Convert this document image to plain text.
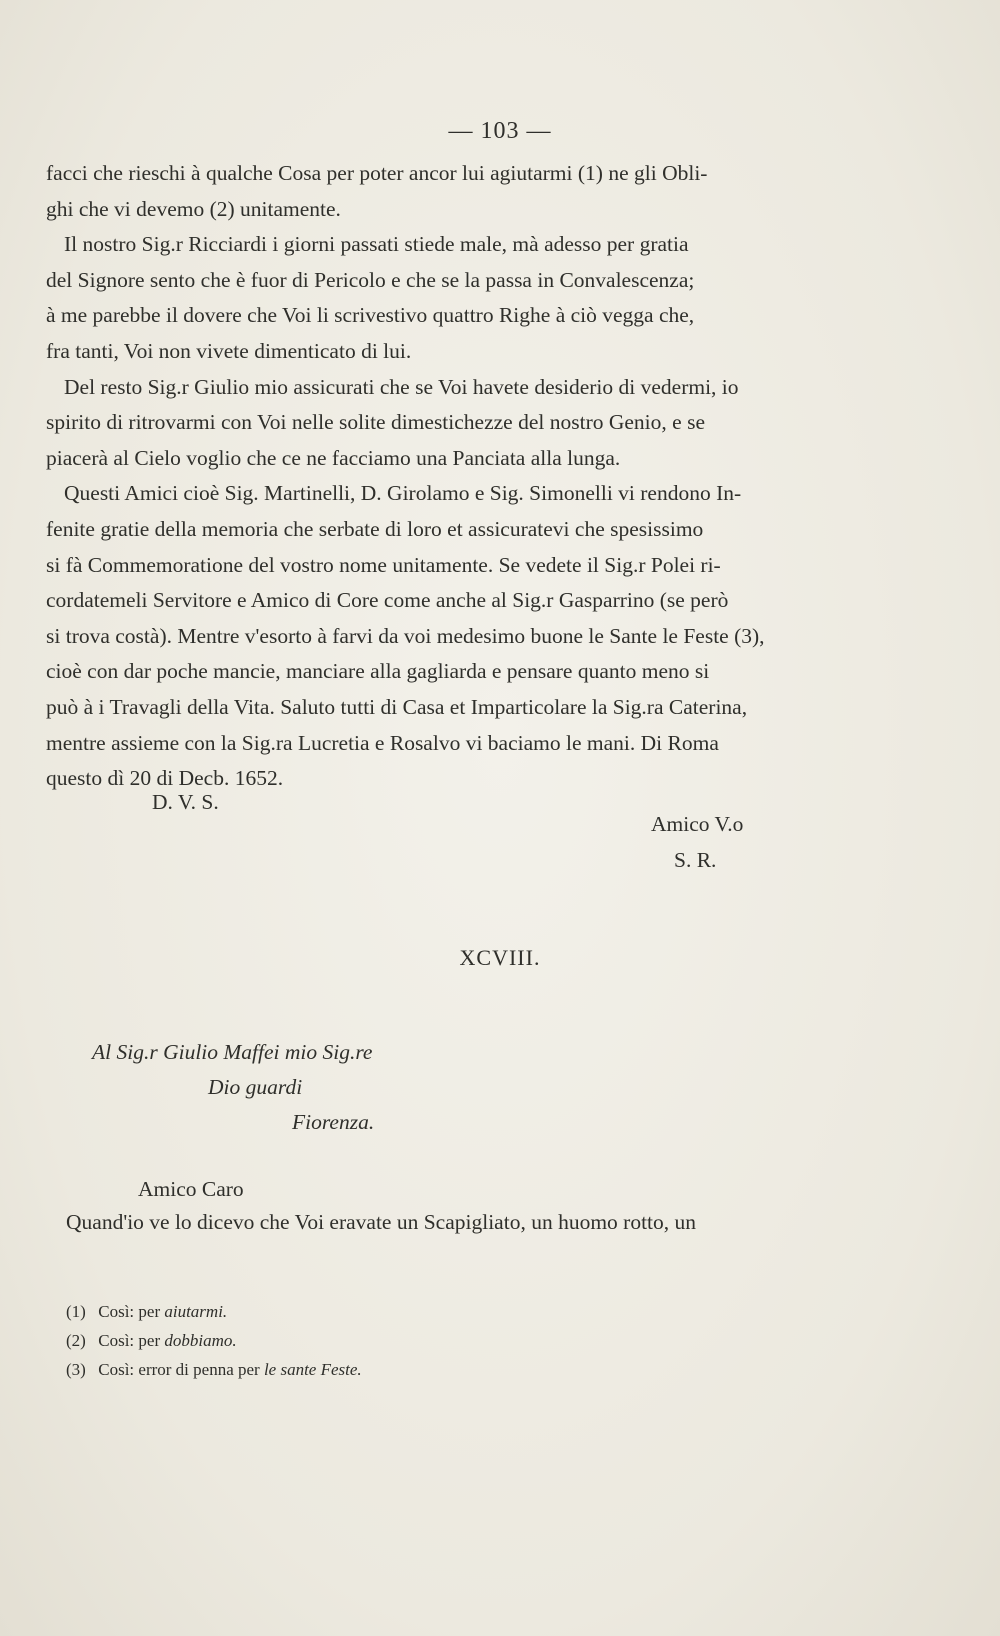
— 103 —
facci che rieschi à qualche Cosa per poter ancor lui agiutarmi (1) ne gli Obli-
ghi che vi devemo (2) unitamente.
Il nostro Sig.r Ricciardi i giorni passati stiede male, mà adesso per gratia
del Signore sento che è fuor di Pericolo e che se la passa in Convalescenza;
à me parebbe il dovere che Voi li scrivestivo quattro Righe à ciò vegga che,
fra tanti, Voi non vivete dimenticato di lui.
Del resto Sig.r Giulio mio assicurati che se Voi havete desiderio di vedermi, io
spirito di ritrovarmi con Voi nelle solite dimestichezze del nostro Genio, e se
piacerà al Cielo voglio che ce ne facciamo una Panciata alla lunga.
Questi Amici cioè Sig. Martinelli, D. Girolamo e Sig. Simonelli vi rendono In-
fenite gratie della memoria che serbate di loro et assicuratevi che spesissimo
si fà Commemoratione del vostro nome unitamente. Se vedete il Sig.r Polei ri-
cordatemeli Servitore e Amico di Core come anche al Sig.r Gasparrino (se però
si trova costà). Mentre v'esorto à farvi da voi medesimo buone le Sante le Feste (3),
cioè con dar poche mancie, manciare alla gagliarda e pensare quanto meno si
può à i Travagli della Vita. Saluto tutti di Casa et Imparticolare la Sig.ra Caterina,
mentre assieme con la Sig.ra Lucretia e Rosalvo vi baciamo le mani. Di Roma
questo dì 20 di Decb. 1652.
D. V. S.
Amico V.o
S. R.
XCVIII.
Al Sig.r Giulio Maffei mio Sig.re
Dio guardi
Fiorenza.
Amico Caro
Quand'io ve lo dicevo che Voi eravate un Scapigliato, un huomo rotto, un
(1) Così: per aiutarmi.
(2) Così: per dobbiamo.
(3) Così: error di penna per le sante Feste.
